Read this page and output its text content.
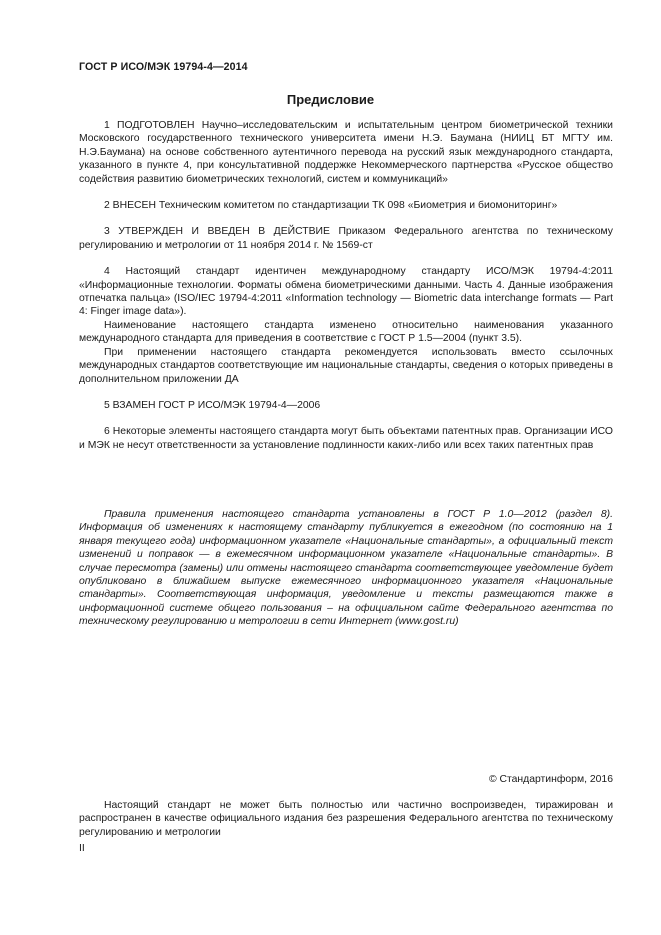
ГОСТ Р ИСО/МЭК 19794-4—2014
Предисловие

1 ПОДГОТОВЛЕН Научно–исследовательским и испытательным центром биометрической техники Московского государственного технического университета имени Н.Э. Баумана (НИИЦ БТ МГТУ им. Н.Э.Баумана) на основе собственного аутентичного перевода на русский язык международного стандарта, указанного в пункте 4, при консультативной поддержке Некоммерческого партнерства «Русское общество содействия развитию биометрических технологий, систем и коммуникаций»

2 ВНЕСЕН Техническим комитетом по стандартизации ТК 098 «Биометрия и биомониторинг»

3 УТВЕРЖДЕН И ВВЕДЕН В ДЕЙСТВИЕ Приказом Федерального агентства по техническому регулированию и метрологии от 11 ноября 2014 г. № 1569-ст

4 Настоящий стандарт идентичен международному стандарту ИСО/МЭК 19794-4:2011 «Информационные технологии. Форматы обмена биометрическими данными. Часть 4. Данные изображения отпечатка пальца» (ISO/IEC 19794-4:2011 «Information technology — Biometric data interchange formats — Part 4: Finger image data»).

Наименование настоящего стандарта изменено относительно наименования указанного международного стандарта для приведения в соответствие с ГОСТ Р 1.5—2004 (пункт 3.5).

При применении настоящего стандарта рекомендуется использовать вместо ссылочных международных стандартов соответствующие им национальные стандарты, сведения о которых приведены в дополнительном приложении ДА

5 ВЗАМЕН ГОСТ Р ИСО/МЭК 19794-4—2006

6 Некоторые элементы настоящего стандарта могут быть объектами патентных прав. Организации ИСО и МЭК не несут ответственности за установление подлинности каких-либо или всех таких патентных прав

Правила применения настоящего стандарта установлены в ГОСТ Р 1.0—2012 (раздел 8). Информация об изменениях к настоящему стандарту публикуется в ежегодном (по состоянию на 1 января текущего года) информационном указателе «Национальные стандарты», а официальный текст изменений и поправок — в ежемесячном информационном указателе «Национальные стандарты». В случае пересмотра (замены) или отмены настоящего стандарта соответствующее уведомление будет опубликовано в ближайшем выпуске ежемесячного информационного указателя «Национальные стандарты». Соответствующая информация, уведомление и тексты размещаются также в информационной системе общего пользования – на официальном сайте Федерального агентства по техническому регулированию и метрологии в сети Интернет (www.gost.ru)

© Стандартинформ, 2016

Настоящий стандарт не может быть полностью или частично воспроизведен, тиражирован и распространен в качестве официального издания без разрешения Федерального агентства по техническому регулированию и метрологии

II
